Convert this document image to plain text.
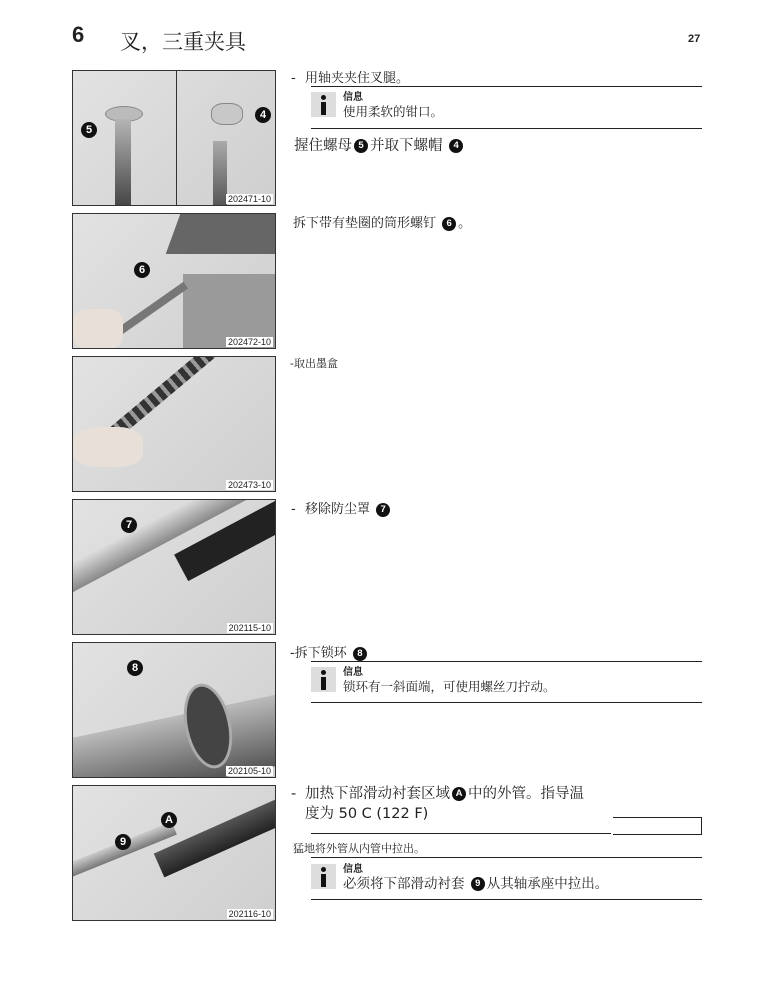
6 叉，三重夹具	27
5
4
202471-10
6
202472-10
202473-10
7
202115-10
8
202105-10
9
A
202116-10
- 用轴夹夹住叉腿。
信息
使用柔软的钳口。
握住螺母 5 并取下螺帽 4
拆下带有垫圈的筒形螺钉 6 。
-取出墨盒
- 移除防尘罩 7
-拆下锁环 8
信息
锁环有一斜面端，可使用螺丝刀拧动。
- 加热下部滑动衬套区域 A 中的外管。指导温
度为 50 C (122 F)
猛地将外管从内管中拉出。
信息
必须将下部滑动衬套 9 从其轴承座中拉出。
